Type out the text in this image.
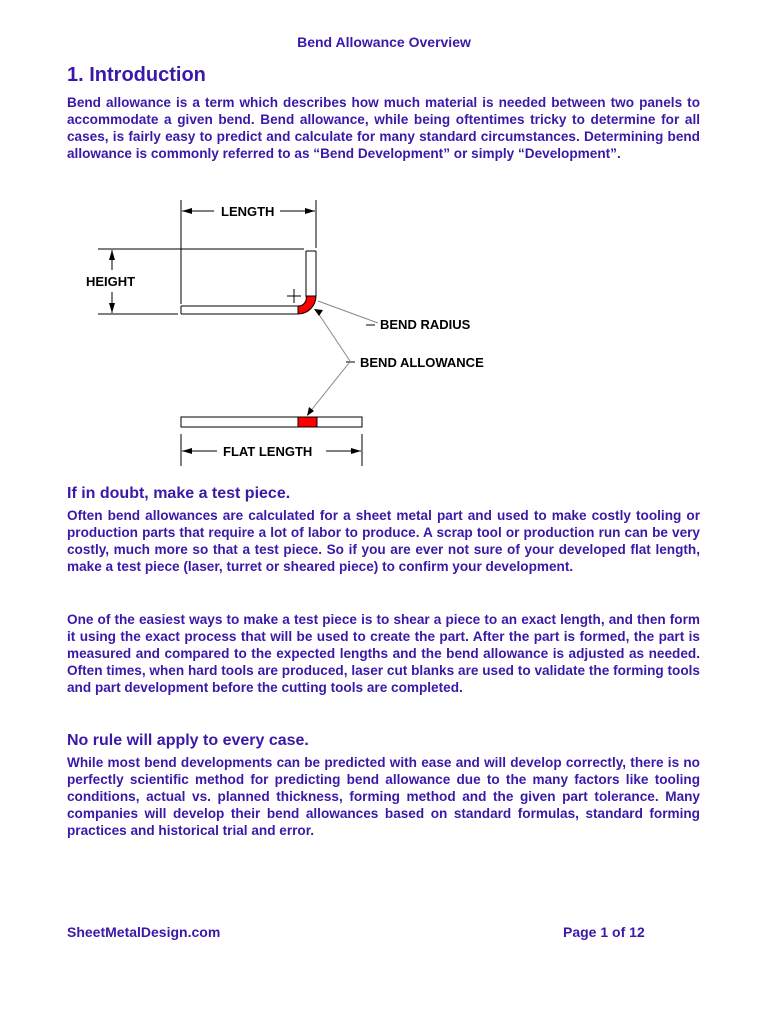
Bend Allowance Overview
1. Introduction

Bend allowance is a term which describes how much material is needed between two panels to accommodate a given bend. Bend allowance, while being oftentimes tricky to determine for all cases, is fairly easy to predict and calculate for many standard circumstances. Determining bend allowance is commonly referred to as “Bend Development” or simply “Development”.

LENGTH
HEIGHT
BEND RADIUS
BEND ALLOWANCE
FLAT LENGTH
If in doubt, make a test piece.

Often bend allowances are calculated for a sheet metal part and used to make costly tooling or production parts that require a lot of labor to produce. A scrap tool or production run can be very costly, much more so that a test piece. So if you are ever not sure of your developed flat length, make a test piece (laser, turret or sheared piece) to confirm your development.

One of the easiest ways to make a test piece is to shear a piece to an exact length, and then form it using the exact process that will be used to create the part. After the part is formed, the part is measured and compared to the expected lengths and the bend allowance is adjusted as needed. Often times, when hard tools are produced, laser cut blanks are used to validate the forming tools and part development before the cutting tools are completed.

No rule will apply to every case.

While most bend developments can be predicted with ease and will develop correctly, there is no perfectly scientific method for predicting bend allowance due to the many factors like tooling conditions, actual vs. planned thickness, forming method and the given part tolerance. Many companies will develop their bend allowances based on standard formulas, standard forming practices and historical trial and error.

SheetMetalDesign.com	Page 1 of 12
